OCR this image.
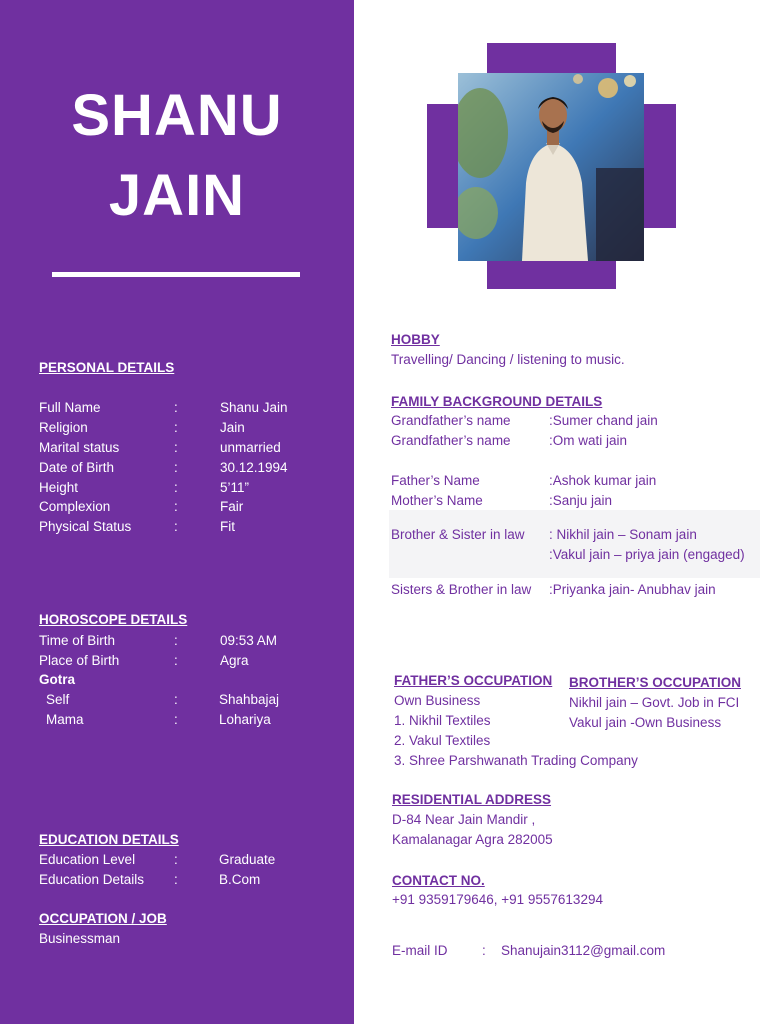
SHANU
JAIN
PERSONAL DETAILS
Full Name	:	Shanu Jain
Religion	:	Jain
Marital status	:	unmarried
Date of Birth	:	30.12.1994
Height	:	5’11”
Complexion	:	Fair
Physical Status	:	Fit
HOROSCOPE DETAILS
Time of Birth	:	09:53 AM
Place of Birth	:	Agra
Gotra
Self	:	Shahbajaj
Mama	:	Lohariya
EDUCATION DETAILS
Education Level	:	Graduate
Education Details :	B.Com
OCCUPATION / JOB
Businessman
HOBBY
Travelling/ Dancing / listening to music.
FAMILY BACKGROUND DETAILS
Grandfather’s name	:Sumer chand jain
Grandfather’s name	:Om wati jain
Father’s Name	:Ashok kumar jain
Mother’s Name	:Sanju jain
Brother & Sister in law : Nikhil jain – Sonam jain
:Vakul jain – priya jain (engaged)
Sisters & Brother in law :Priyanka jain- Anubhav jain
FATHER’S OCCUPATION
Own Business
1. Nikhil Textiles
2. Vakul Textiles
3. Shree Parshwanath Trading Company
BROTHER’S OCCUPATION
Nikhil jain – Govt. Job in FCI
Vakul jain -Own Business
RESIDENTIAL ADDRESS
D-84 Near Jain Mandir ,
Kamalanagar Agra 282005
CONTACT NO.
+91 9359179646, +91 9557613294
E-mail ID	: Shanujain3112@gmail.com
